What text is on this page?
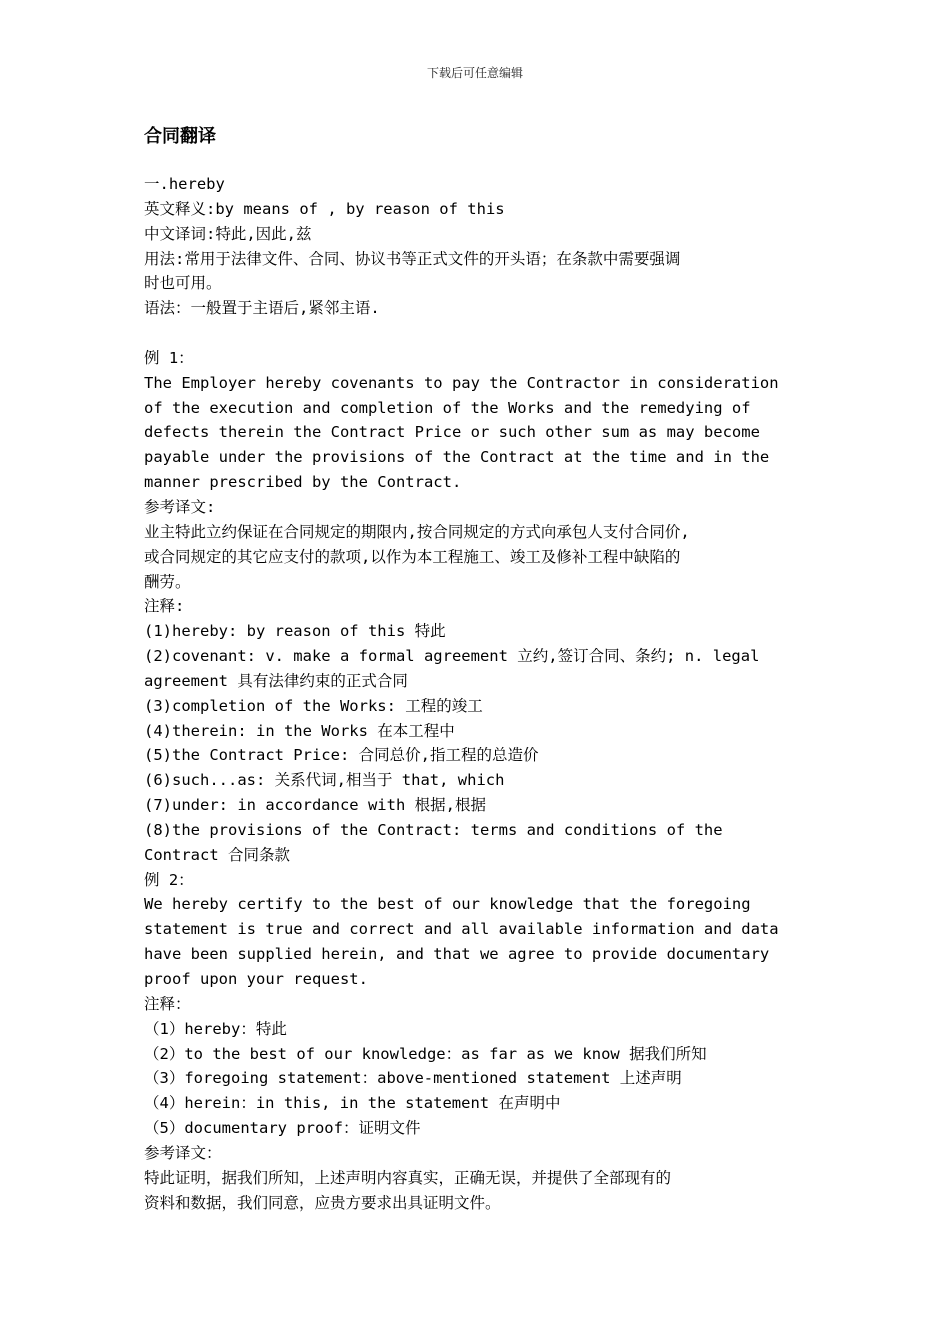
下载后可任意编辑
合同翻译
一.hereby
英文释义:by means of , by reason of this
中文译词:特此,因此,兹
用法:常用于法律文件、合同、协议书等正式文件的开头语；在条款中需要强调
时也可用。
语法：一般置于主语后,紧邻主语.
例 1：
The Employer hereby covenants to pay the Contractor in consideration
of the execution and completion of the Works and the remedying of
defects therein the Contract Price or such other sum as may become
payable under the provisions of the Contract at the time and in the
manner prescribed by the Contract.
参考译文:
业主特此立约保证在合同规定的期限内,按合同规定的方式向承包人支付合同价,
或合同规定的其它应支付的款项,以作为本工程施工、竣工及修补工程中缺陷的
酬劳。
注释:
(1)hereby: by reason of this 特此
(2)covenant: v. make a formal agreement 立约,签订合同、条约; n. legal
agreement 具有法律约束的正式合同
(3)completion of the Works: 工程的竣工
(4)therein: in the Works 在本工程中
(5)the Contract Price: 合同总价,指工程的总造价
(6)such...as: 关系代词,相当于 that, which
(7)under: in accordance with 根据,根据
(8)the provisions of the Contract: terms and conditions of the
Contract 合同条款
例 2：
We hereby certify to the best of our knowledge that the foregoing
statement is true and correct and all available information and data
have been supplied herein, and that we agree to provide documentary
proof upon your request.
注释：
（1）hereby：特此
（2）to the best of our knowledge：as far as we know 据我们所知
（3）foregoing statement：above-mentioned statement 上述声明
（4）herein：in this, in the statement 在声明中
（5）documentary proof：证明文件
参考译文：
特此证明，据我们所知，上述声明内容真实，正确无误，并提供了全部现有的
资料和数据，我们同意，应贵方要求出具证明文件。
